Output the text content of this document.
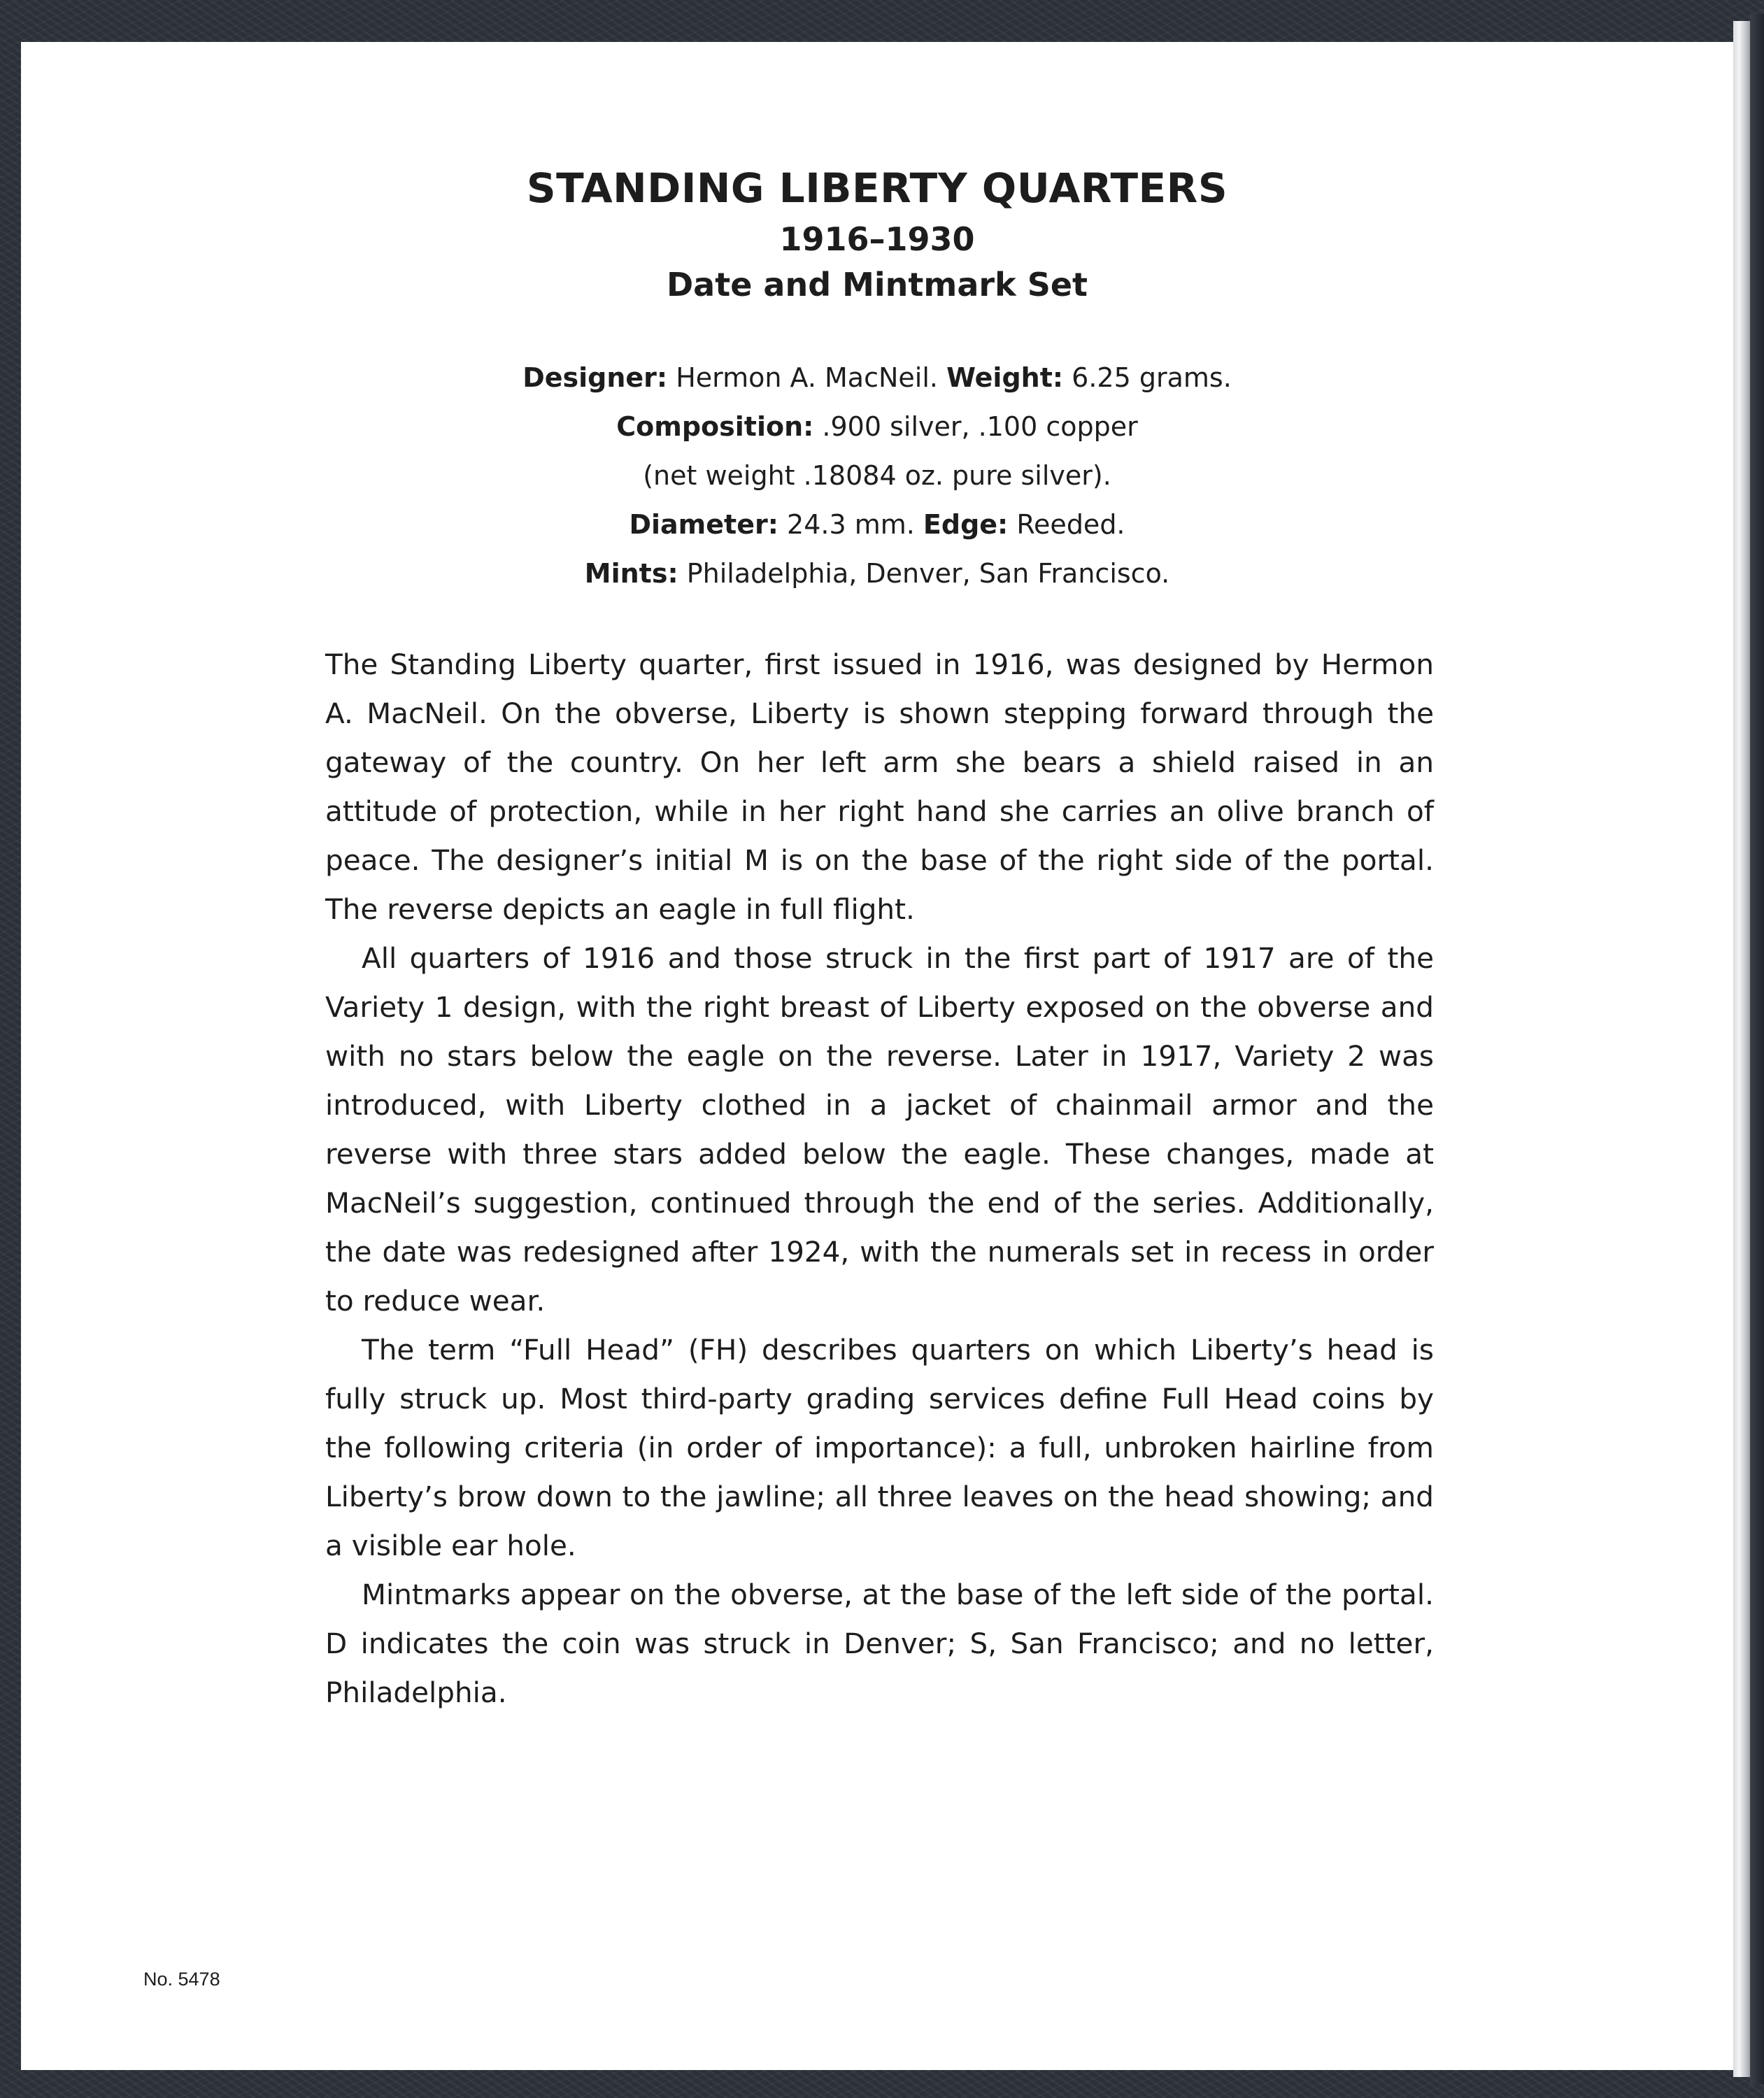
STANDING LIBERTY QUARTERS
1916–1930
Date and Mintmark Set
Designer: Hermon A. MacNeil. Weight: 6.25 grams.
Composition: .900 silver, .100 copper
(net weight .18084 oz. pure silver).
Diameter: 24.3 mm. Edge: Reeded.
Mints: Philadelphia, Denver, San Francisco.

The Standing Liberty quarter, first issued in 1916, was designed by Hermon A. MacNeil. On the obverse, Liberty is shown stepping forward through the gateway of the country. On her left arm she bears a shield raised in an attitude of protection, while in her right hand she carries an olive branch of peace. The designer’s initial M is on the base of the right side of the portal. The reverse depicts an eagle in full flight.

All quarters of 1916 and those struck in the first part of 1917 are of the Variety 1 design, with the right breast of Liberty exposed on the obverse and with no stars below the eagle on the reverse. Later in 1917, Variety 2 was introduced, with Liberty clothed in a jacket of chainmail armor and the reverse with three stars added below the eagle. These changes, made at MacNeil’s suggestion, continued through the end of the series. Additionally, the date was redesigned after 1924, with the numerals set in recess in order to reduce wear.

The term “Full Head” (FH) describes quarters on which Liberty’s head is fully struck up. Most third-party grading services define Full Head coins by the following criteria (in order of importance): a full, unbroken hairline from Liberty’s brow down to the jawline; all three leaves on the head showing; and a visible ear hole.

Mintmarks appear on the obverse, at the base of the left side of the portal. D indicates the coin was struck in Denver; S, San Francisco; and no letter, Philadelphia.

No. 5478
